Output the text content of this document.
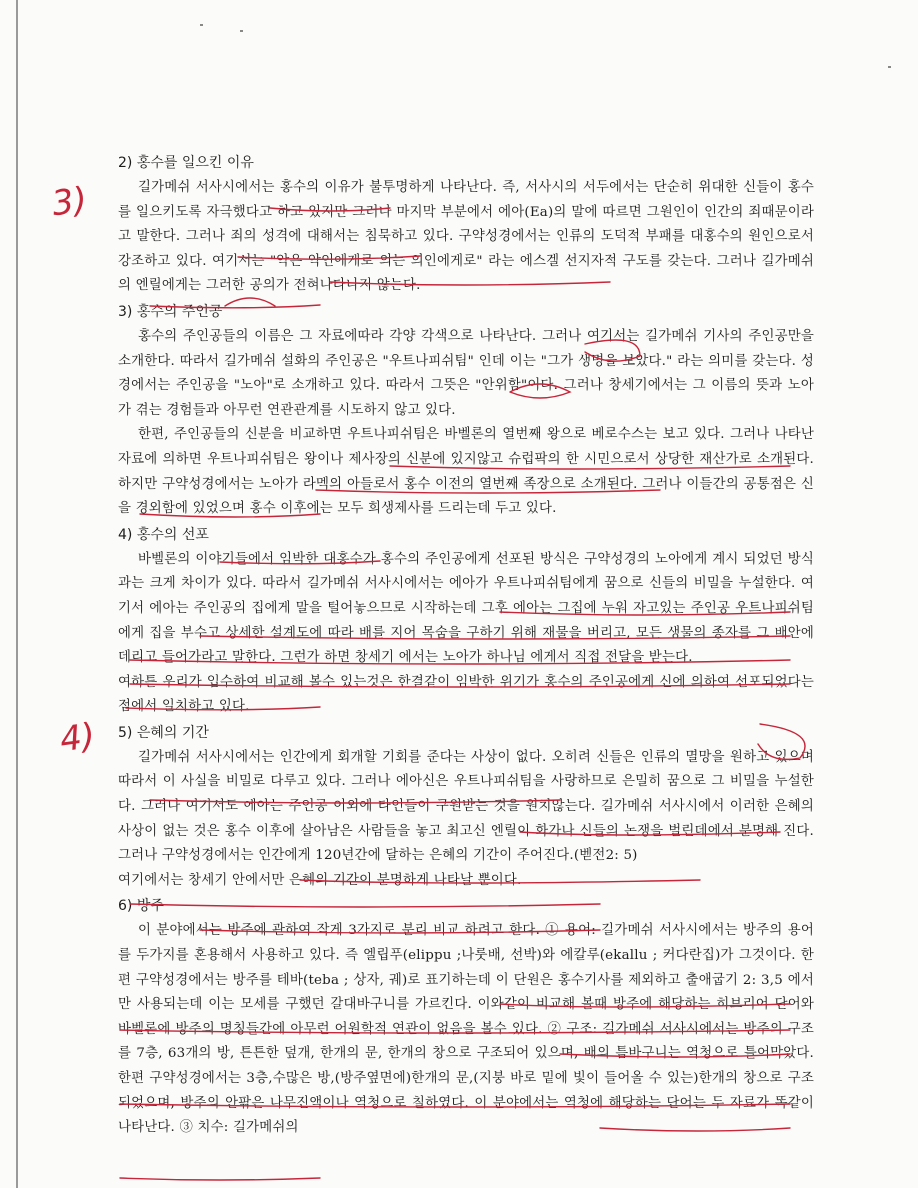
3)
4)
2) 홍수를 일으킨 이유

길가메쉬 서사시에서는 홍수의 이유가 불투명하게 나타난다. 즉, 서사시의 서두에서는 단순히 위대한 신들이 홍수를 일으키도록 자극했다고 하고 있지만 그러나 마지막 부분에서 에아(Ea)의 말에 따르면 그원인이 인간의 죄때문이라고 말한다. 그러나 죄의 성격에 대해서는 침묵하고 있다. 구약성경에서는 인류의 도덕적 부패를 대홍수의 원인으로서 강조하고 있다. 여기서는 "악은 악인에게로 의는 의인에게로" 라는 에스겔 선지자적 구도를 갖는다. 그러나 길가메쉬의 엔릴에게는 그러한 공의가 전혀나타나지 않는다.

3) 홍수의 주인공

홍수의 주인공들의 이름은 그 자료에따라 각양 각색으로 나타난다. 그러나 여기서는 길가메쉬 기사의 주인공만을 소개한다. 따라서 길가메쉬 설화의 주인공은 "우트나피쉬팀" 인데 이는 "그가 생명을 보았다." 라는 의미를 갖는다. 성경에서는 주인공을 "노아"로 소개하고 있다. 따라서 그뜻은 "안위함"이다. 그러나 창세기에서는 그 이름의 뜻과 노아가 겪는 경험들과 아무런 연관관계를 시도하지 않고 있다.

한편, 주인공들의 신분을 비교하면 우트나피쉬팀은 바벨론의 열번째 왕으로 베로수스는 보고 있다. 그러나 나타난 자료에 의하면 우트나피쉬팀은 왕이나 제사장의 신분에 있지않고 슈럽팍의 한 시민으로서 상당한 재산가로 소개된다. 하지만 구약성경에서는 노아가 라멕의 아들로서 홍수 이전의 열번째 족장으로 소개된다. 그러나 이들간의 공통점은 신을 경외함에 있었으며 홍수 이후에는 모두 희생제사를 드리는데 두고 있다.

4) 홍수의 선포

바벨론의 이야기들에서 임박한 대홍수가 홍수의 주인공에게 선포된 방식은 구약성경의 노아에게 계시 되었던 방식과는 크게 차이가 있다. 따라서 길가메쉬 서사시에서는 에아가 우트나피쉬팀에게 꿈으로 신들의 비밀을 누설한다. 여기서 에아는 주인공의 집에게 말을 털어놓으므로 시작하는데 그후 에아는 그집에 누워 자고있는 주인공 우트나피쉬팀에게 집을 부수고 상세한 설계도에 따라 배를 지어 목숨을 구하기 위해 재물을 버리고, 모든 생물의 종자를 그 배안에 데리고 들어가라고 말한다. 그런가 하면 창세기 에서는 노아가 하나님 에게서 직접 전달을 받는다.

여하튼 우리가 입수하여 비교해 볼수 있는것은 한결같이 임박한 위기가 홍수의 주인공에게 신에 의하여 선포되었다는 점에서 일치하고 있다.

5) 은혜의 기간

길가메쉬 서사시에서는 인간에게 회개할 기회를 준다는 사상이 없다. 오히려 신들은 인류의 멸망을 원하고 있으며 따라서 이 사실을 비밀로 다루고 있다. 그러나 에아신은 우트나피쉬팀을 사랑하므로 은밀히 꿈으로 그 비밀을 누설한다. 그러나 여기서도 에아는 주인공 이외에 타인들이 구원받는 것을 원치않는다. 길가메쉬 서사시에서 이러한 은혜의 사상이 없는 것은 홍수 이후에 살아남은 사람들을 놓고 최고신 엔릴이 화가나 신들의 논쟁을 벌린데에서 분명해 진다. 그러나 구약성경에서는 인간에게 120년간에 달하는 은혜의 기간이 주어진다.(벧전2: 5)

여기에서는 창세기 안에서만 은혜의 기간이 분명하게 나타날 뿐이다.

6) 방주

이 분야에서는 방주에 관하여 작게 3가지로 분리 비교 하려고 한다. ① 용어: 길가메쉬 서사시에서는 방주의 용어를 두가지를 혼용해서 사용하고 있다. 즉 엘립푸(elippu ;나룻배, 선박)와 에칼루(ekallu ; 커다란집)가 그것이다. 한편 구약성경에서는 방주를 테바(teba ; 상자, 궤)로 표기하는데 이 단원은 홍수기사를 제외하고 출애굽기 2: 3,5 에서만 사용되는데 이는 모세를 구했던 갈대바구니를 가르킨다. 이와같이 비교해 볼때 방주에 해당하는 히브리어 단어와 바벨론에 방주의 명칭들간에 아무런 어원학적 연관이 없음을 볼수 있다. ② 구조: 길가메쉬 서사시에서는 방주의 구조를 7층, 63개의 방, 튼튼한 덮개, 한개의 문, 한개의 창으로 구조되어 있으며, 배의 틈바구니는 역청으로 틀어막았다. 한편 구약성경에서는 3층,수많은 방,(방주옆면에)한개의 문,(지붕 바로 밑에 빛이 들어올 수 있는)한개의 창으로 구조되었으며, 방주의 안팎은 나무진액이나 역청으로 칠하였다. 이 분야에서는 역청에 해당하는 단어는 두 자료가 똑같이 나타난다. ③ 치수: 길가메쉬의
